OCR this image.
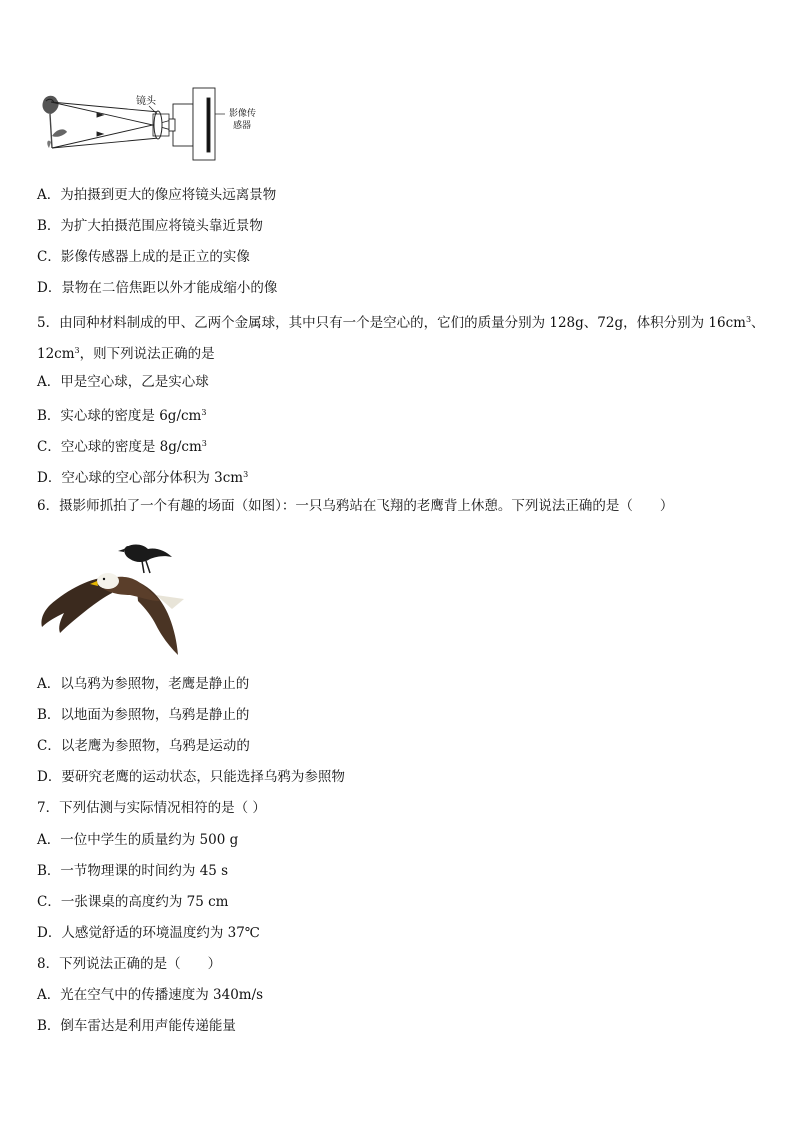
镜头
影像传
感器
A．为拍摄到更大的像应将镜头远离景物
B．为扩大拍摄范围应将镜头靠近景物
C．影像传感器上成的是正立的实像
D．景物在二倍焦距以外才能成缩小的像
5．由同种材料制成的甲、乙两个金属球，其中只有一个是空心的，它们的质量分别为 128g、72g，体积分别为 $16cm^3$、
$12cm^3$，则下列说法正确的是
A．甲是空心球，乙是实心球
B．实心球的密度是 $6g/cm^3$
C．空心球的密度是 $8g/cm^3$
D．空心球的空心部分体积为 $3cm^3$
6．摄影师抓拍了一个有趣的场面（如图）：一只乌鸦站在飞翔的老鹰背上休憩。下列说法正确的是（　　）
A．以乌鸦为参照物，老鹰是静止的
B．以地面为参照物，乌鸦是静止的
C．以老鹰为参照物，乌鸦是运动的
D．要研究老鹰的运动状态，只能选择乌鸦为参照物
7．下列估测与实际情况相符的是（ ）
A．一位中学生的质量约为 500 g
B．一节物理课的时间约为 45 s
C．一张课桌的高度约为 75 cm
D．人感觉舒适的环境温度约为 37℃
8．下列说法正确的是（　　）
A．光在空气中的传播速度为 340m/s
B．倒车雷达是利用声能传递能量
